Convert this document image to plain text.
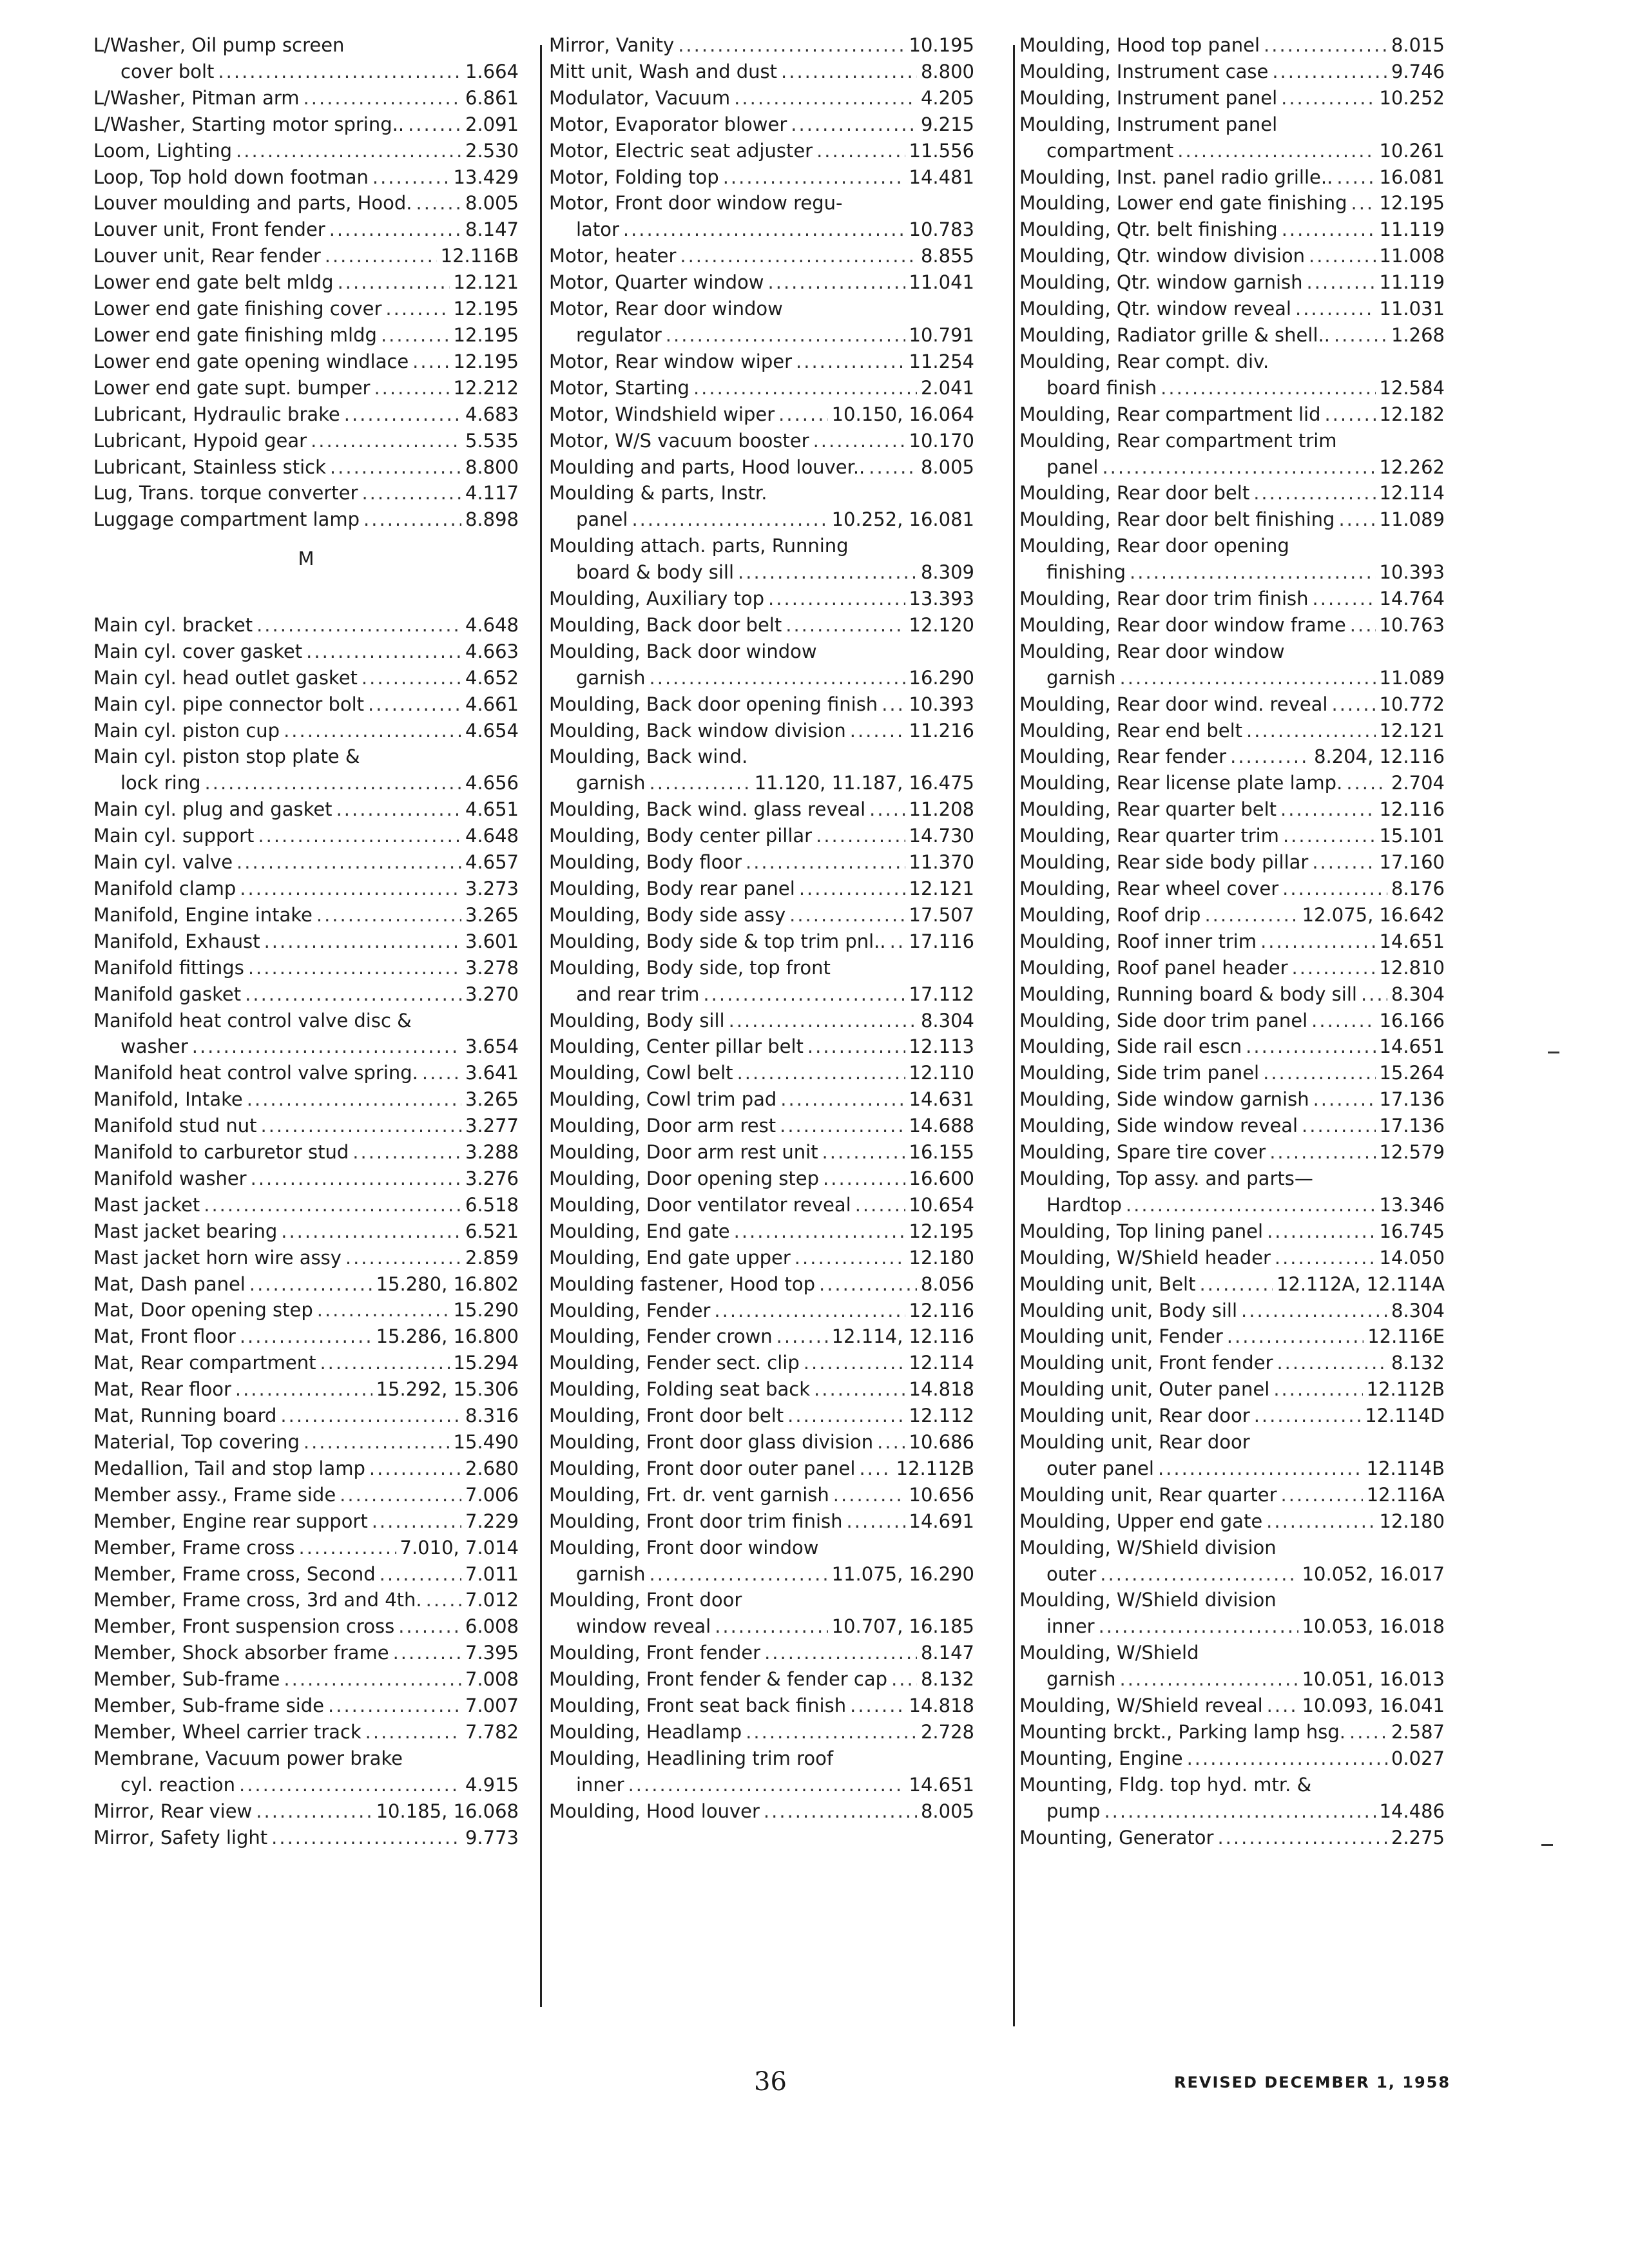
L/Washer, Oil pump screen
cover bolt .....	1.664
L/Washer, Pitman arm .....	6.861
L/Washer, Starting motor spring.. .....	2.091
Loom, Lighting .....	2.530
Loop, Top hold down footman .....	13.429
Louver moulding and parts, Hood. .....	8.005
Louver unit, Front fender .....	8.147
Louver unit, Rear fender .....	12.116B
Lower end gate belt mldg .....	12.121
Lower end gate finishing cover .....	12.195
Lower end gate finishing mldg .....	12.195
Lower end gate opening windlace ..... 12.195
Lower end gate supt. bumper .....	12.212
Lubricant, Hydraulic brake .....	4.683
Lubricant, Hypoid gear .....	5.535
Lubricant, Stainless stick .....	8.800
Lug, Trans. torque converter .....	4.117
Luggage compartment lamp .....	8.898
M
Main cyl. bracket .....	4.648
Main cyl. cover gasket .....	4.663
Main cyl. head outlet gasket .....	4.652
Main cyl. pipe connector bolt .....	4.661
Main cyl. piston cup .....	4.654
Main cyl. piston stop plate &
lock ring .....	4.656
Main cyl. plug and gasket .....	4.651
Main cyl. support .....	4.648
Main cyl. valve .....	4.657
Manifold clamp .....	3.273
Manifold, Engine intake .....	3.265
Manifold, Exhaust .....	3.601
Manifold fittings .....	3.278
Manifold gasket .....	3.270
Manifold heat control valve disc &
washer .....	3.654
Manifold heat control valve spring. .....	3.641
Manifold, Intake .....	3.265
Manifold stud nut .....	3.277
Manifold to carburetor stud .....	3.288
Manifold washer .....	3.276
Mast jacket .....	6.518
Mast jacket bearing .....	6.521
Mast jacket horn wire assy .....	2.859
Mat, Dash panel .....	15.280, 16.802
Mat, Door opening step .....	15.290
Mat, Front floor .....	15.286, 16.800
Mat, Rear compartment .....	15.294
Mat, Rear floor .....	15.292, 15.306
Mat, Running board .....	8.316
Material, Top covering .....	15.490
Medallion, Tail and stop lamp .....	2.680
Member assy., Frame side .....	7.006
Member, Engine rear support .....	7.229
Member, Frame cross .....	7.010, 7.014
Member, Frame cross, Second .....	7.011
Member, Frame cross, 3rd and 4th. ..... 7.012
Member, Front suspension cross .....	6.008
Member, Shock absorber frame .....	7.395
Member, Sub-frame .....	7.008
Member, Sub-frame side .....	7.007
Member, Wheel carrier track .....	7.782
Membrane, Vacuum power brake
cyl. reaction .....	4.915
Mirror, Rear view .....	10.185, 16.068
Mirror, Safety light .....	9.773
Mirror, Vanity .....	10.195
Mitt unit, Wash and dust .....	8.800
Modulator, Vacuum .....	4.205
Motor, Evaporator blower .....	9.215
Motor, Electric seat adjuster .....	11.556
Motor, Folding top .....	14.481
Motor, Front door window regu-
lator .....	10.783
Motor, heater .....	8.855
Motor, Quarter window .....	11.041
Motor, Rear door window
regulator .....	10.791
Motor, Rear window wiper .....	11.254
Motor, Starting .....	2.041
Motor, Windshield wiper .....	10.150, 16.064
Motor, W/S vacuum booster .....	10.170
Moulding and parts, Hood louver.. .....	8.005
Moulding & parts, Instr.
panel .....	10.252, 16.081
Moulding attach. parts, Running
board & body sill .....	8.309
Moulding, Auxiliary top .....	13.393
Moulding, Back door belt .....	12.120
Moulding, Back door window
garnish .....	16.290
Moulding, Back door opening finish ..... 10.393
Moulding, Back window division .....	11.216
Moulding, Back wind.
garnish .....	11.120, 11.187, 16.475
Moulding, Back wind. glass reveal ..... 11.208
Moulding, Body center pillar .....	14.730
Moulding, Body floor .....	11.370
Moulding, Body rear panel .....	12.121
Moulding, Body side assy .....	17.507
Moulding, Body side & top trim pnl.. ..... 17.116
Moulding, Body side, top front
and rear trim .....	17.112
Moulding, Body sill .....	8.304
Moulding, Center pillar belt .....	12.113
Moulding, Cowl belt .....	12.110
Moulding, Cowl trim pad .....	14.631
Moulding, Door arm rest .....	14.688
Moulding, Door arm rest unit .....	16.155
Moulding, Door opening step .....	16.600
Moulding, Door ventilator reveal .....	10.654
Moulding, End gate .....	12.195
Moulding, End gate upper .....	12.180
Moulding fastener, Hood top .....	8.056
Moulding, Fender .....	12.116
Moulding, Fender crown .....	12.114, 12.116
Moulding, Fender sect. clip .....	12.114
Moulding, Folding seat back .....	14.818
Moulding, Front door belt .....	12.112
Moulding, Front door glass division ..... 10.686
Moulding, Front door outer panel ..... 12.112B
Moulding, Frt. dr. vent garnish .....	10.656
Moulding, Front door trim finish .....	14.691
Moulding, Front door window
garnish .....	11.075, 16.290
Moulding, Front door
window reveal .....	10.707, 16.185
Moulding, Front fender .....	8.147
Moulding, Front fender & fender cap ..... 8.132
Moulding, Front seat back finish .....	14.818
Moulding, Headlamp .....	2.728
Moulding, Headlining trim roof
inner .....	14.651
Moulding, Hood louver .....	8.005
Moulding, Hood top panel .....	8.015
Moulding, Instrument case .....	9.746
Moulding, Instrument panel .....	10.252
Moulding, Instrument panel
compartment .....	10.261
Moulding, Inst. panel radio grille.. ..... 16.081
Moulding, Lower end gate finishing ..... 12.195
Moulding, Qtr. belt finishing .....	11.119
Moulding, Qtr. window division .....	11.008
Moulding, Qtr. window garnish .....	11.119
Moulding, Qtr. window reveal .....	11.031
Moulding, Radiator grille & shell.. .....	1.268
Moulding, Rear compt. div.
board finish .....	12.584
Moulding, Rear compartment lid .....	12.182
Moulding, Rear compartment trim
panel .....	12.262
Moulding, Rear door belt .....	12.114
Moulding, Rear door belt finishing ..... 11.089
Moulding, Rear door opening
finishing .....	10.393
Moulding, Rear door trim finish .....	14.764
Moulding, Rear door window frame ..... 10.763
Moulding, Rear door window
garnish .....	11.089
Moulding, Rear door wind. reveal .....	10.772
Moulding, Rear end belt .....	12.121
Moulding, Rear fender .....	8.204, 12.116
Moulding, Rear license plate lamp. .....	2.704
Moulding, Rear quarter belt .....	12.116
Moulding, Rear quarter trim .....	15.101
Moulding, Rear side body pillar .....	17.160
Moulding, Rear wheel cover .....	8.176
Moulding, Roof drip .....	12.075, 16.642
Moulding, Roof inner trim .....	14.651
Moulding, Roof panel header .....	12.810
Moulding, Running board & body sill ..... 8.304
Moulding, Side door trim panel .....	16.166
Moulding, Side rail escn .....	14.651
Moulding, Side trim panel .....	15.264
Moulding, Side window garnish .....	17.136
Moulding, Side window reveal .....	17.136
Moulding, Spare tire cover .....	12.579
Moulding, Top assy. and parts—
Hardtop .....	13.346
Moulding, Top lining panel .....	16.745
Moulding, W/Shield header .....	14.050
Moulding unit, Belt .....	12.112A, 12.114A
Moulding unit, Body sill .....	8.304
Moulding unit, Fender .....	12.116E
Moulding unit, Front fender .....	8.132
Moulding unit, Outer panel .....	12.112B
Moulding unit, Rear door .....	12.114D
Moulding unit, Rear door
outer panel .....	12.114B
Moulding unit, Rear quarter .....	12.116A
Moulding, Upper end gate .....	12.180
Moulding, W/Shield division
outer .....	10.052, 16.017
Moulding, W/Shield division
inner .....	10.053, 16.018
Moulding, W/Shield
garnish .....	10.051, 16.013
Moulding, W/Shield reveal ..... 10.093, 16.041
Mounting brckt., Parking lamp hsg. ..... 2.587
Mounting, Engine .....	0.027
Mounting, Fldg. top hyd. mtr. &
pump .....	14.486
Mounting, Generator .....	2.275
36	REVISED DECEMBER 1, 1958
